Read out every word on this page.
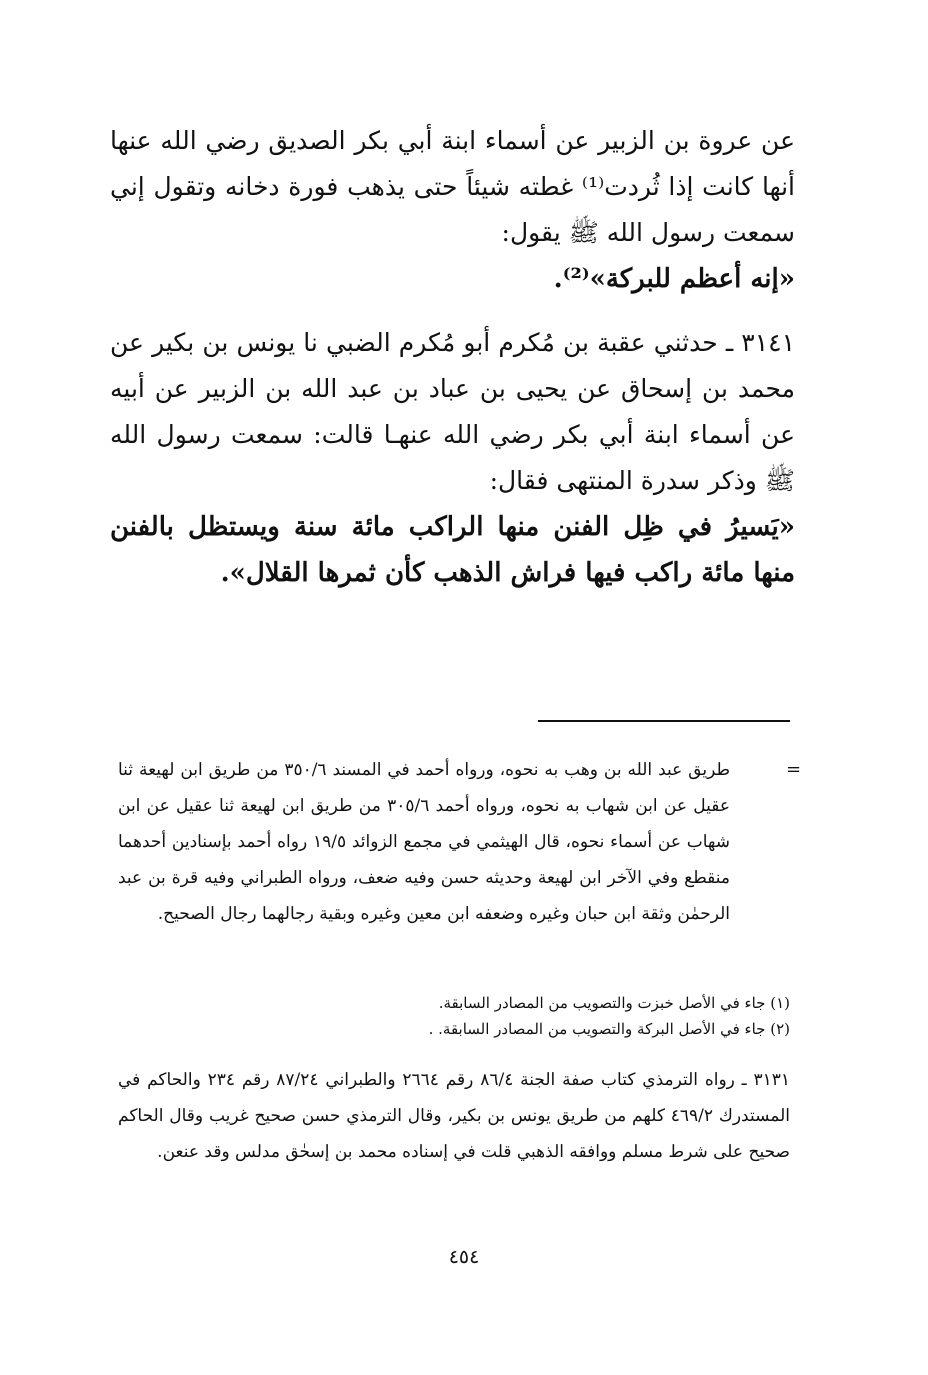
عن عروة بن الزبير عن أسماء ابنة أبي بكر الصديق رضي الله عنها أنها كانت إذا ثُردت⁽¹⁾ غطته شيئاً حتى يذهب فورة دخانه وتقول إني سمعت رسول الله ﷺ يقول:

«إنه أعظم للبركة»⁽²⁾.

٣١٤١ ـ حدثني عقبة بن مُكرم أبو مُكرم الضبي نا يونس بن بكير عن محمد بن إسحاق عن يحيى بن عباد بن عبد الله بن الزبير عن أبيه عن أسماء ابنة أبي بكر رضي الله عنهـا قالت: سمعت رسول الله ﷺ وذكر سدرة المنتهى فقال:

«يَسيرُ في ظِل الفنن منها الراكب مائة سنة ويستظل بالفنن منها مائة راكب فيها فراش الذهب كأن ثمرها القلال».

=

طريق عبد الله بن وهب به نحوه، ورواه أحمد في المسند ٣٥٠/٦ من طريق ابن لهيعة ثنا عقيل عن ابن شهاب به نحوه، ورواه أحمد ٣٠٥/٦ من طريق ابن لهيعة ثنا عقيل عن ابن شهاب عن أسماء نحوه، قال الهيثمي في مجمع الزوائد ١٩/٥ رواه أحمد بإسنادين أحدهما منقطع وفي الآخر ابن لهيعة وحديثه حسن وفيه ضعف، ورواه الطبراني وفيه قرة بن عبد الرحمٰن وثقة ابن حبان وغيره وضعفه ابن معين وغيره وبقية رجالهما رجال الصحيح.

(١) جاء في الأصل خبزت والتصويب من المصادر السابقة.

(٢) جاء في الأصل البركة والتصويب من المصادر السابقة. .

٣١٣١ ـ رواه الترمذي كتاب صفة الجنة ٨٦/٤ رقم ٢٦٦٤ والطبراني ٨٧/٢٤ رقم ٢٣٤ والحاكم في المستدرك ٤٦٩/٢ كلهم من طريق يونس بن بكير، وقال الترمذي حسن صحيح غريب وقال الحاكم صحيح على شرط مسلم ووافقه الذهبي قلت في إسناده محمد بن إسحٰق مدلس وقد عنعن.

٤٥٤
